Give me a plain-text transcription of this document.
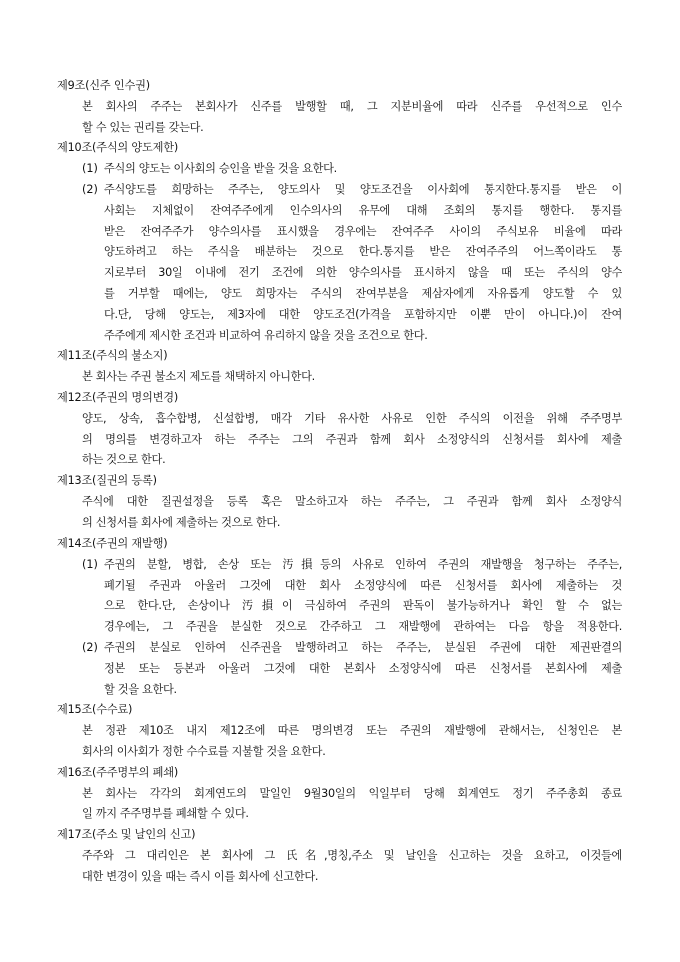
제9조(신주 인수권)
본 회사의 주주는 본회사가 신주를 발행할 때, 그 지분비율에 따라 신주를 우선적으로 인수
할 수 있는 권리를 갖는다.
제10조(주식의 양도제한)
(1) 주식의 양도는 이사회의 승인을 받을 것을 요한다.
(2) 주식양도를 희망하는 주주는, 양도의사 및 양도조건을 이사회에 통지한다.통지를 받은 이
사회는 지체없이 잔여주주에게 인수의사의 유무에 대해 조회의 통지를 행한다. 통지를
받은 잔여주주가 양수의사를 표시했을 경우에는 잔여주주 사이의 주식보유 비율에 따라
양도하려고 하는 주식을 배분하는 것으로 한다.통지를 받은 잔여주주의 어느쪽이라도 통
지로부터 30일 이내에 전기 조건에 의한 양수의사를 표시하지 않을 때 또는 주식의 양수
를 거부할 때에는, 양도 희망자는 주식의 잔여부분을 제삼자에게 자유롭게 양도할 수 있
다.단, 당해 양도는, 제3자에 대한 양도조건(가격을 포함하지만 이뿐 만이 아니다.)이 잔여
주주에게 제시한 조건과 비교하여 유리하지 않을 것을 조건으로 한다.
제11조(주식의 불소지)
본 회사는 주권 불소지 제도를 채택하지 아니한다.
제12조(주권의 명의변경)
양도, 상속, 흡수합병, 신설합병, 매각 기타 유사한 사유로 인한 주식의 이전을 위해 주주명부
의 명의를 변경하고자 하는 주주는 그의 주권과 함께 회사 소정양식의 신청서를 회사에 제출
하는 것으로 한다.
제13조(질권의 등록)
주식에 대한 질권설정을 등록 혹은 말소하고자 하는 주주는, 그 주권과 함께 회사 소정양식
의 신청서를 회사에 제출하는 것으로 한다.
제14조(주권의 재발행)
(1) 주권의 분할, 병합, 손상 또는 汚損등의 사유로 인하여 주권의 재발행을 청구하는 주주는,
폐기될 주권과 아울러 그것에 대한 회사 소정양식에 따른 신청서를 회사에 제출하는 것
으로 한다.단, 손상이나 汚損이 극심하여 주권의 판독이 불가능하거나 확인 할 수 없는
경우에는, 그 주권을 분실한 것으로 간주하고 그 재발행에 관하여는 다음 항을 적용한다.
(2) 주권의 분실로 인하여 신주권을 발행하려고 하는 주주는, 분실된 주권에 대한 제권판결의
정본 또는 등본과 아울러 그것에 대한 본회사 소정양식에 따른 신청서를 본회사에 제출
할 것을 요한다.
제15조(수수료)
본 정관 제10조 내지 제12조에 따른 명의변경 또는 주권의 재발행에 관해서는, 신청인은 본
회사의 이사회가 정한 수수료를 지불할 것을 요한다.
제16조(주주명부의 폐쇄)
본 회사는 각각의 회계연도의 말일인 9월30일의 익일부터 당해 회계연도 정기 주주총회 종료
일 까지 주주명부를 폐쇄할 수 있다.
제17조(주소 및 날인의 신고)
주주와 그 대리인은 본 회사에 그 氏名,명칭,주소 및 날인을 신고하는 것을 요하고, 이것들에
대한 변경이 있을 때는 즉시 이를 회사에 신고한다.
